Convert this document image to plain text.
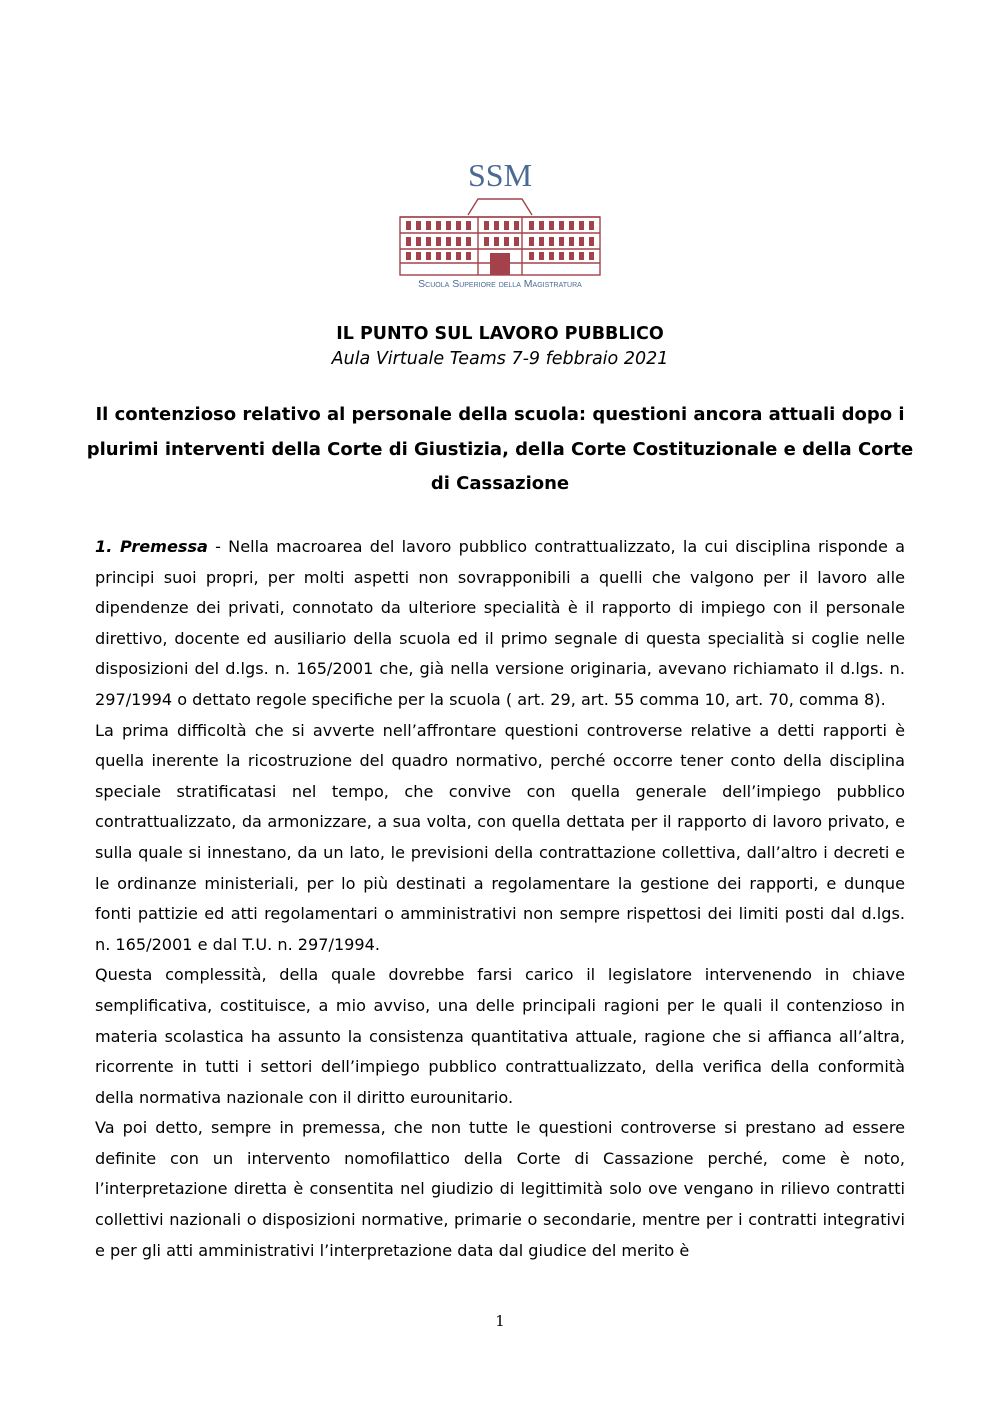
SSM
Scuola Superiore della Magistratura
IL PUNTO SUL LAVORO PUBBLICO
Aula Virtuale Teams 7-9 febbraio 2021
Il contenzioso relativo al personale della scuola: questioni ancora attuali dopo i plurimi interventi della Corte di Giustizia, della Corte Costituzionale e della Corte di Cassazione

1. Premessa - Nella macroarea del lavoro pubblico contrattualizzato, la cui disciplina risponde a principi suoi propri, per molti aspetti non sovrapponibili a quelli che valgono per il lavoro alle dipendenze dei privati, connotato da ulteriore specialità è il rapporto di impiego con il personale direttivo, docente ed ausiliario della scuola ed il primo segnale di questa specialità si coglie nelle disposizioni del d.lgs. n. 165/2001 che, già nella versione originaria, avevano richiamato il d.lgs. n. 297/1994 o dettato regole specifiche per la scuola ( art. 29, art. 55 comma 10, art. 70, comma 8).

La prima difficoltà che si avverte nell’affrontare questioni controverse relative a detti rapporti è quella inerente la ricostruzione del quadro normativo, perché occorre tener conto della disciplina speciale stratificatasi nel tempo, che convive con quella generale dell’impiego pubblico contrattualizzato, da armonizzare, a sua volta, con quella dettata per il rapporto di lavoro privato, e sulla quale si innestano, da un lato, le previsioni della contrattazione collettiva, dall’altro i decreti e le ordinanze ministeriali, per lo più destinati a regolamentare la gestione dei rapporti, e dunque fonti pattizie ed atti regolamentari o amministrativi non sempre rispettosi dei limiti posti dal d.lgs. n. 165/2001 e dal T.U. n. 297/1994.

Questa complessità, della quale dovrebbe farsi carico il legislatore intervenendo in chiave semplificativa, costituisce, a mio avviso, una delle principali ragioni per le quali il contenzioso in materia scolastica ha assunto la consistenza quantitativa attuale, ragione che si affianca all’altra, ricorrente in tutti i settori dell’impiego pubblico contrattualizzato, della verifica della conformità della normativa nazionale con il diritto eurounitario.

Va poi detto, sempre in premessa, che non tutte le questioni controverse si prestano ad essere definite con un intervento nomofilattico della Corte di Cassazione perché, come è noto, l’interpretazione diretta è consentita nel giudizio di legittimità solo ove vengano in rilievo contratti collettivi nazionali o disposizioni normative, primarie o secondarie, mentre per i contratti integrativi e per gli atti amministrativi l’interpretazione data dal giudice del merito è

1
